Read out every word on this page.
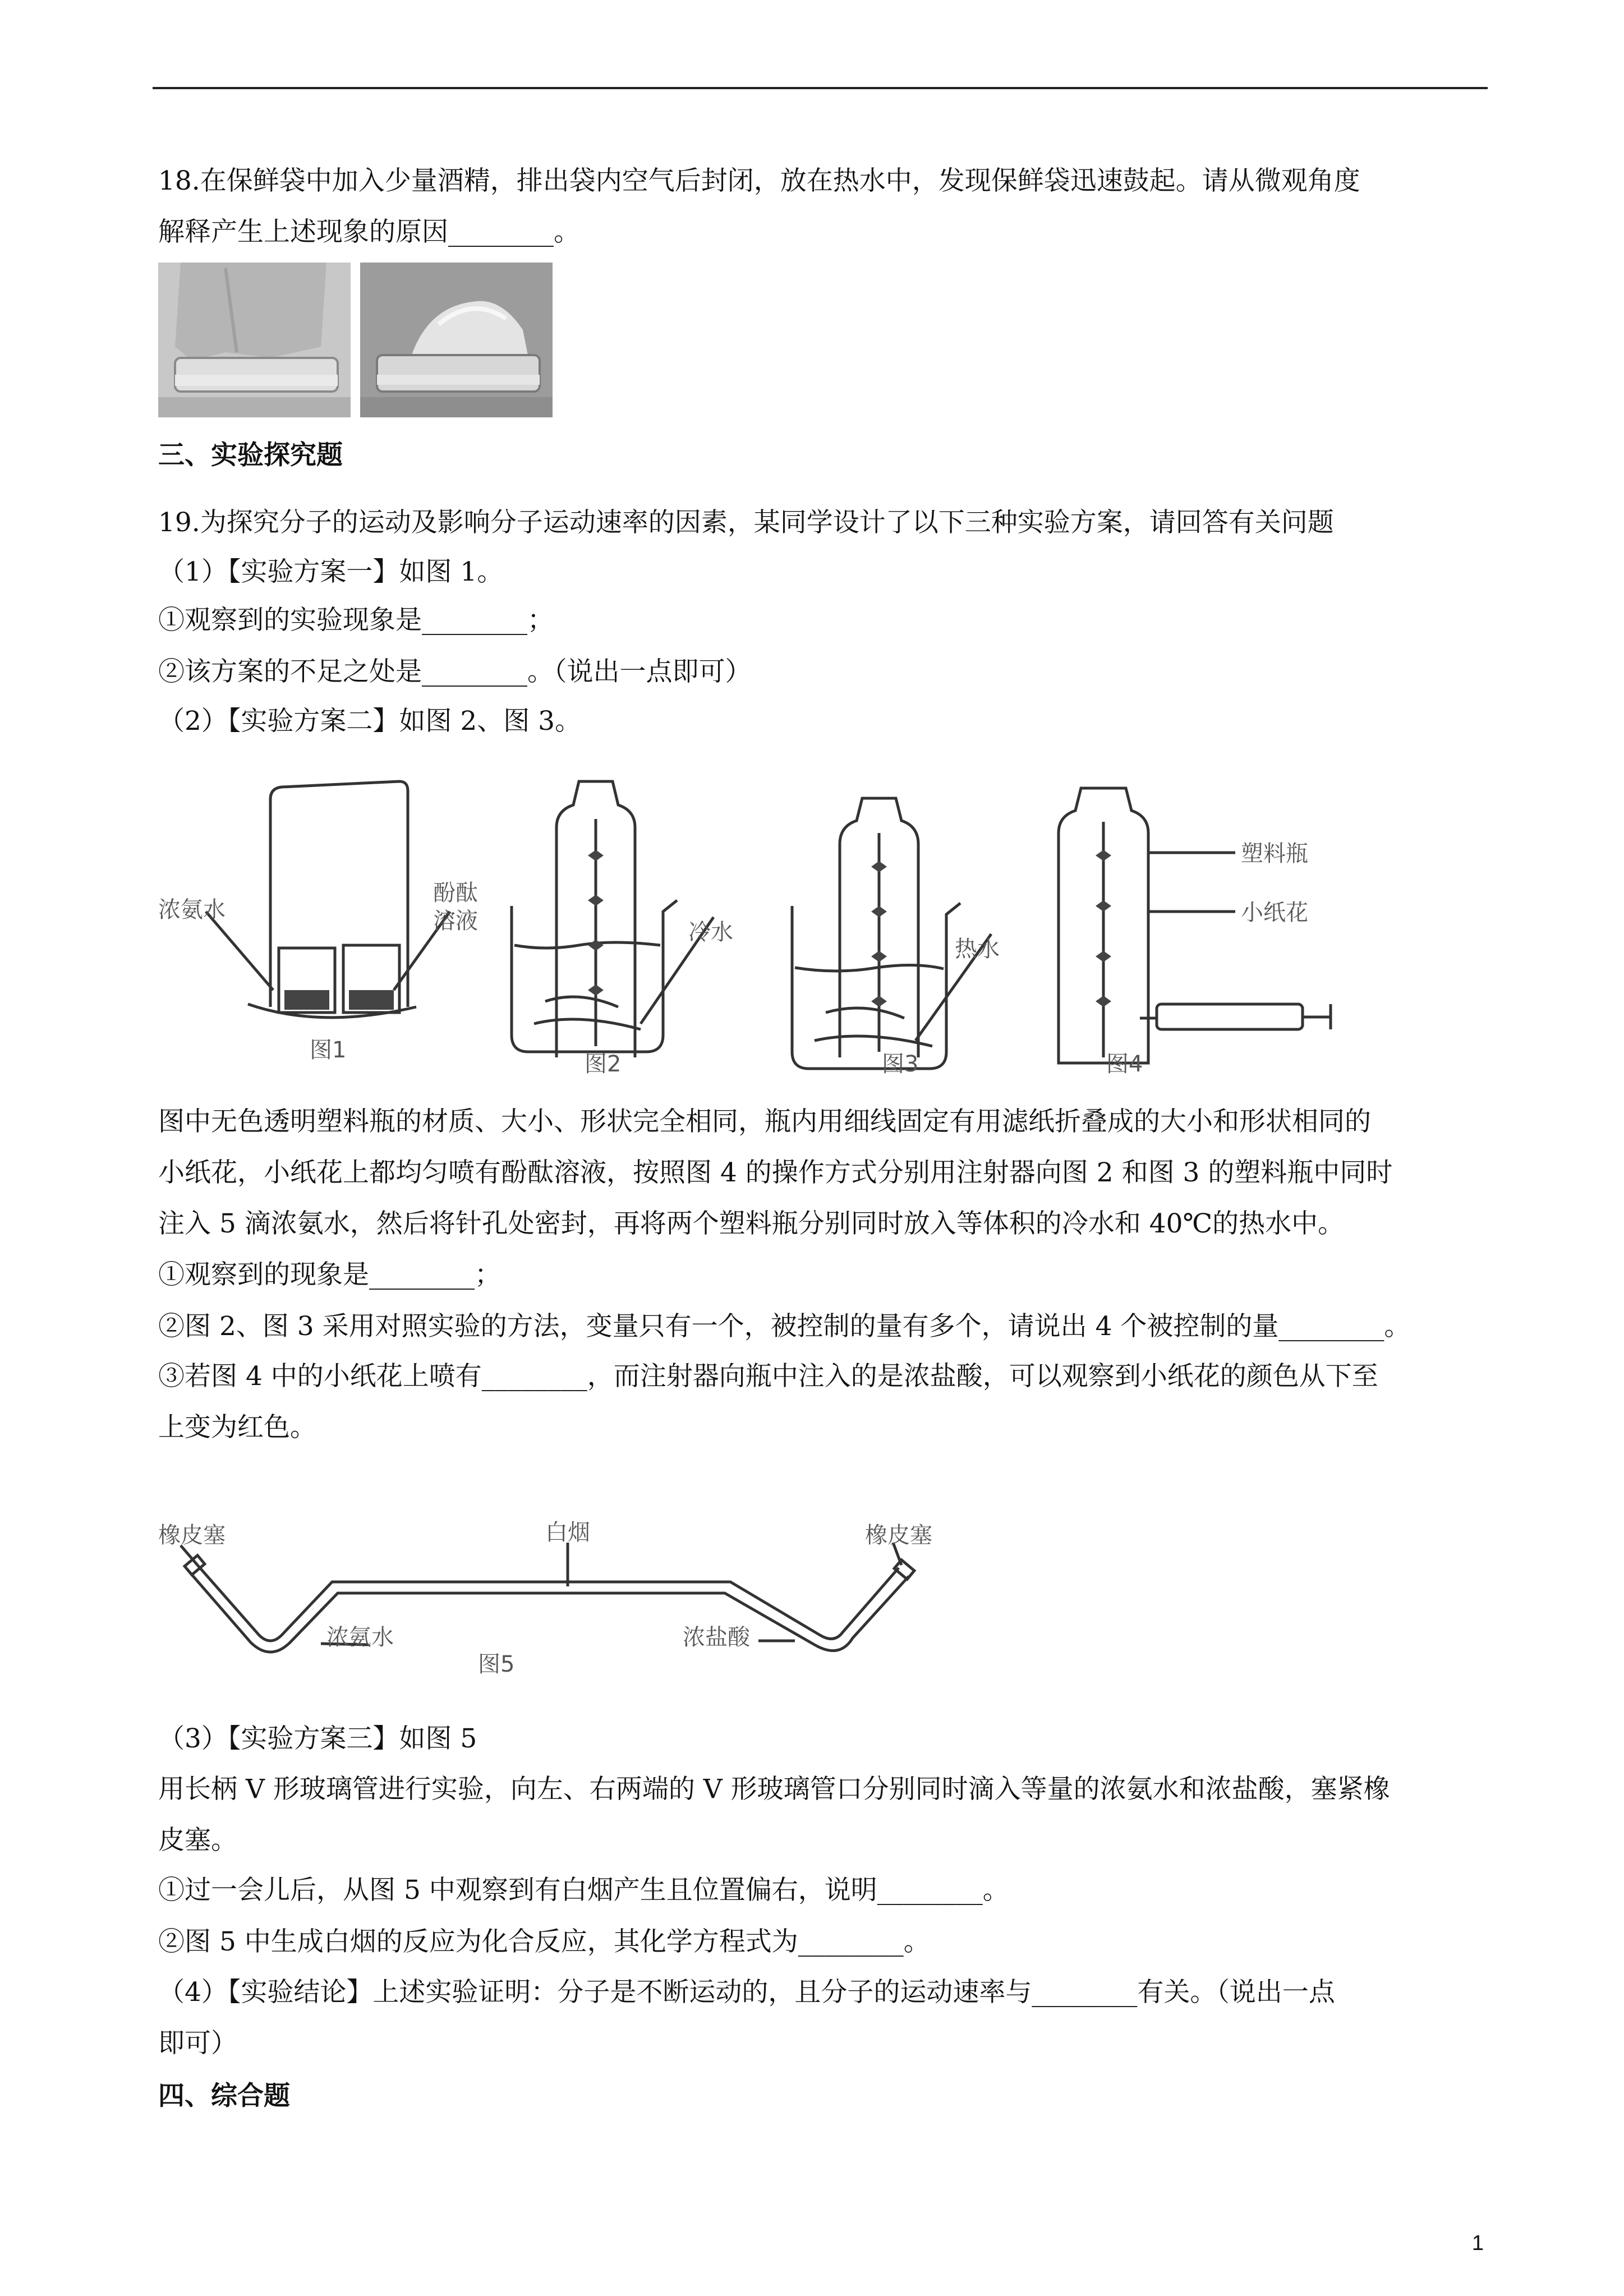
18.在保鲜袋中加入少量酒精，排出袋内空气后封闭，放在热水中，发现保鲜袋迅速鼓起。请从微观角度
解释产生上述现象的原因________。
三、实验探究题
19.为探究分子的运动及影响分子运动速率的因素，某同学设计了以下三种实验方案，请回答有关问题
（1）【实验方案一】如图 1。
①观察到的实验现象是________；
②该方案的不足之处是________。（说出一点即可）
（2）【实验方案二】如图 2、图 3。
浓氨水
酚酞
溶液
图1
冷水
图2
热水
图3
塑料瓶
小纸花
图4
图中无色透明塑料瓶的材质、大小、形状完全相同，瓶内用细线固定有用滤纸折叠成的大小和形状相同的
小纸花，小纸花上都均匀喷有酚酞溶液，按照图 4 的操作方式分别用注射器向图 2 和图 3 的塑料瓶中同时
注入 5 滴浓氨水，然后将针孔处密封，再将两个塑料瓶分别同时放入等体积的冷水和 40℃的热水中。
①观察到的现象是________；
②图 2、图 3 采用对照实验的方法，变量只有一个，被控制的量有多个，请说出 4 个被控制的量________。
③若图 4 中的小纸花上喷有________，而注射器向瓶中注入的是浓盐酸，可以观察到小纸花的颜色从下至
上变为红色。
橡皮塞	白烟	橡皮塞
浓氨水	浓盐酸
图5
（3）【实验方案三】如图 5
用长柄 V 形玻璃管进行实验，向左、右两端的 V 形玻璃管口分别同时滴入等量的浓氨水和浓盐酸，塞紧橡
皮塞。
①过一会儿后，从图 5 中观察到有白烟产生且位置偏右，说明________。
②图 5 中生成白烟的反应为化合反应，其化学方程式为________。
（4）【实验结论】上述实验证明：分子是不断运动的，且分子的运动速率与________有关。（说出一点
即可）
四、综合题
1
